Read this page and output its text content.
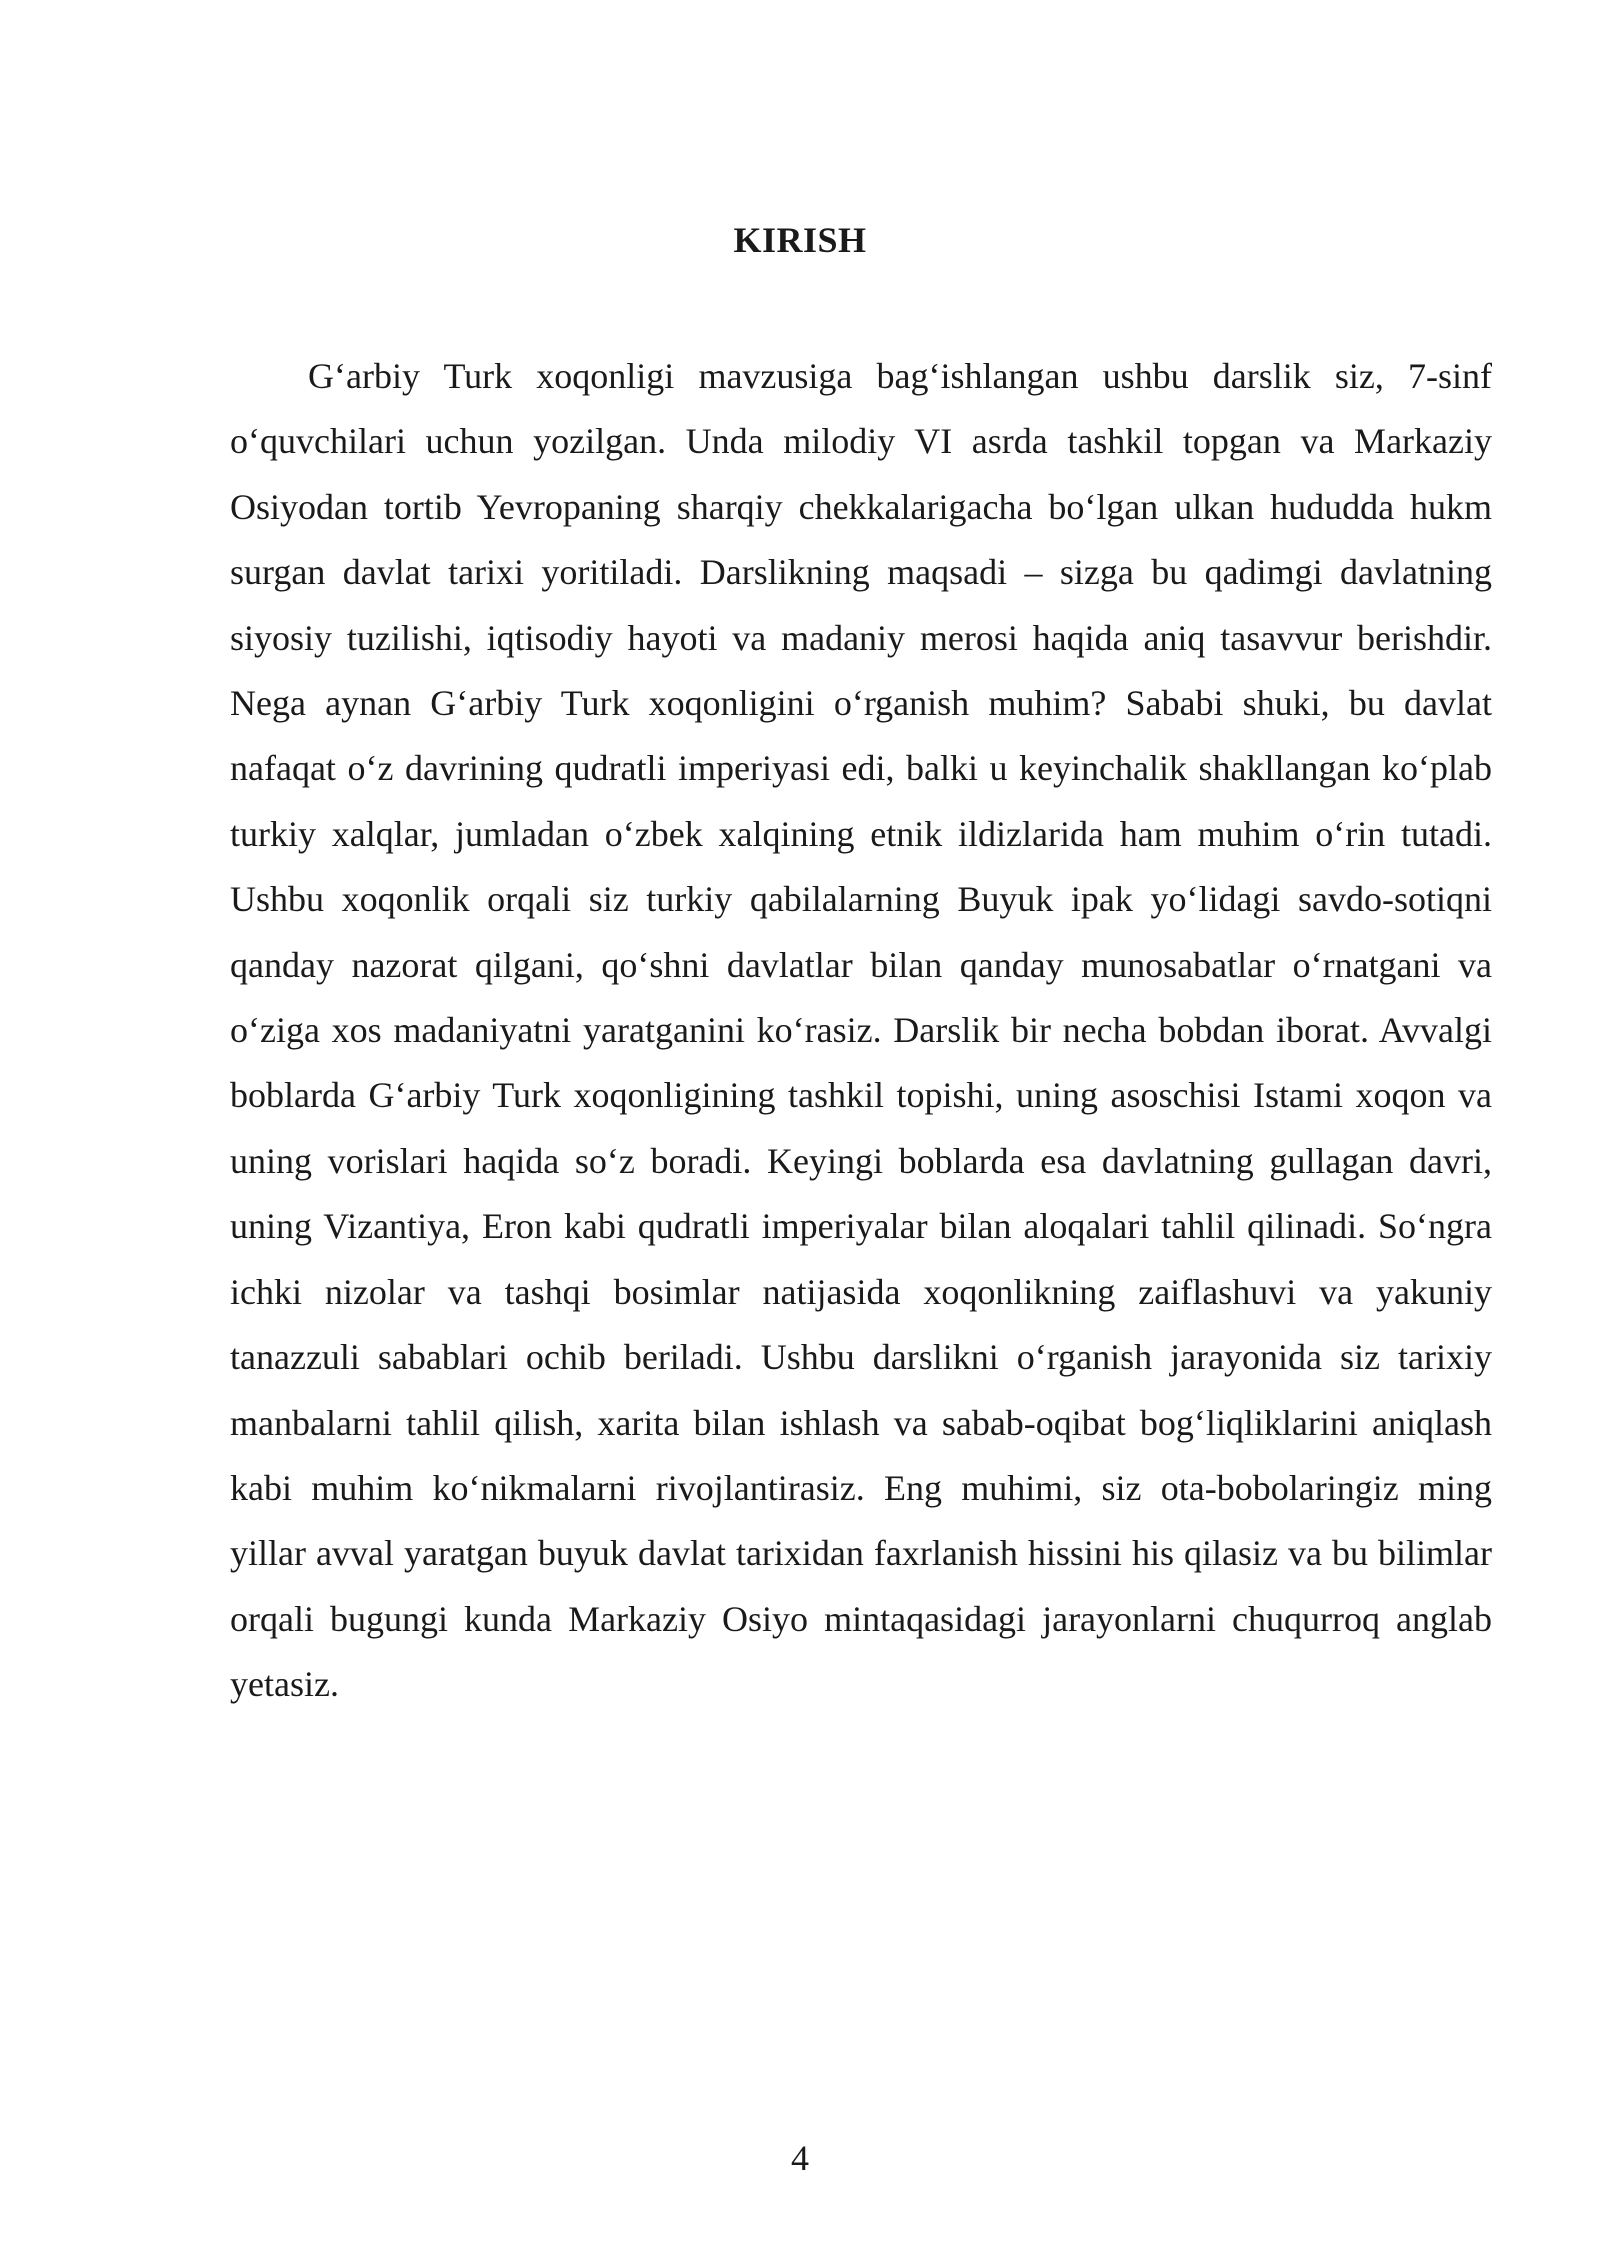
KIRISH

G‘arbiy Turk xoqonligi mavzusiga bag‘ishlangan ushbu darslik siz, 7-sinf o‘quvchilari uchun yozilgan. Unda milodiy VI asrda tashkil topgan va Markaziy Osiyodan tortib Yevropaning sharqiy chekkalarigacha bo‘lgan ulkan hududda hukm surgan davlat tarixi yoritiladi. Darslikning maqsadi – sizga bu qadimgi davlatning siyosiy tuzilishi, iqtisodiy hayoti va madaniy merosi haqida aniq tasavvur berishdir. Nega aynan G‘arbiy Turk xoqonligini o‘rganish muhim? Sababi shuki, bu davlat nafaqat o‘z davrining qudratli imperiyasi edi, balki u keyinchalik shakllangan ko‘plab turkiy xalqlar, jumladan o‘zbek xalqining etnik ildizlarida ham muhim o‘rin tutadi. Ushbu xoqonlik orqali siz turkiy qabilalarning Buyuk ipak yo‘lidagi savdo-sotiqni qanday nazorat qilgani, qo‘shni davlatlar bilan qanday munosabatlar o‘rnatgani va o‘ziga xos madaniyatni yaratganini ko‘rasiz. Darslik bir necha bobdan iborat. Avvalgi boblarda G‘arbiy Turk xoqonligining tashkil topishi, uning asoschisi Istami xoqon va uning vorislari haqida so‘z boradi. Keyingi boblarda esa davlatning gullagan davri, uning Vizantiya, Eron kabi qudratli imperiyalar bilan aloqalari tahlil qilinadi. So‘ngra ichki nizolar va tashqi bosimlar natijasida xoqonlikning zaiflashuvi va yakuniy tanazzuli sabablari ochib beriladi. Ushbu darslikni o‘rganish jarayonida siz tarixiy manbalarni tahlil qilish, xarita bilan ishlash va sabab-oqibat bog‘liqliklarini aniqlash kabi muhim ko‘nikmalarni rivojlantirasiz. Eng muhimi, siz ota-bobolaringiz ming yillar avval yaratgan buyuk davlat tarixidan faxrlanish hissini his qilasiz va bu bilimlar orqali bugungi kunda Markaziy Osiyo mintaqasidagi jarayonlarni chuqurroq anglab yetasiz.

4
